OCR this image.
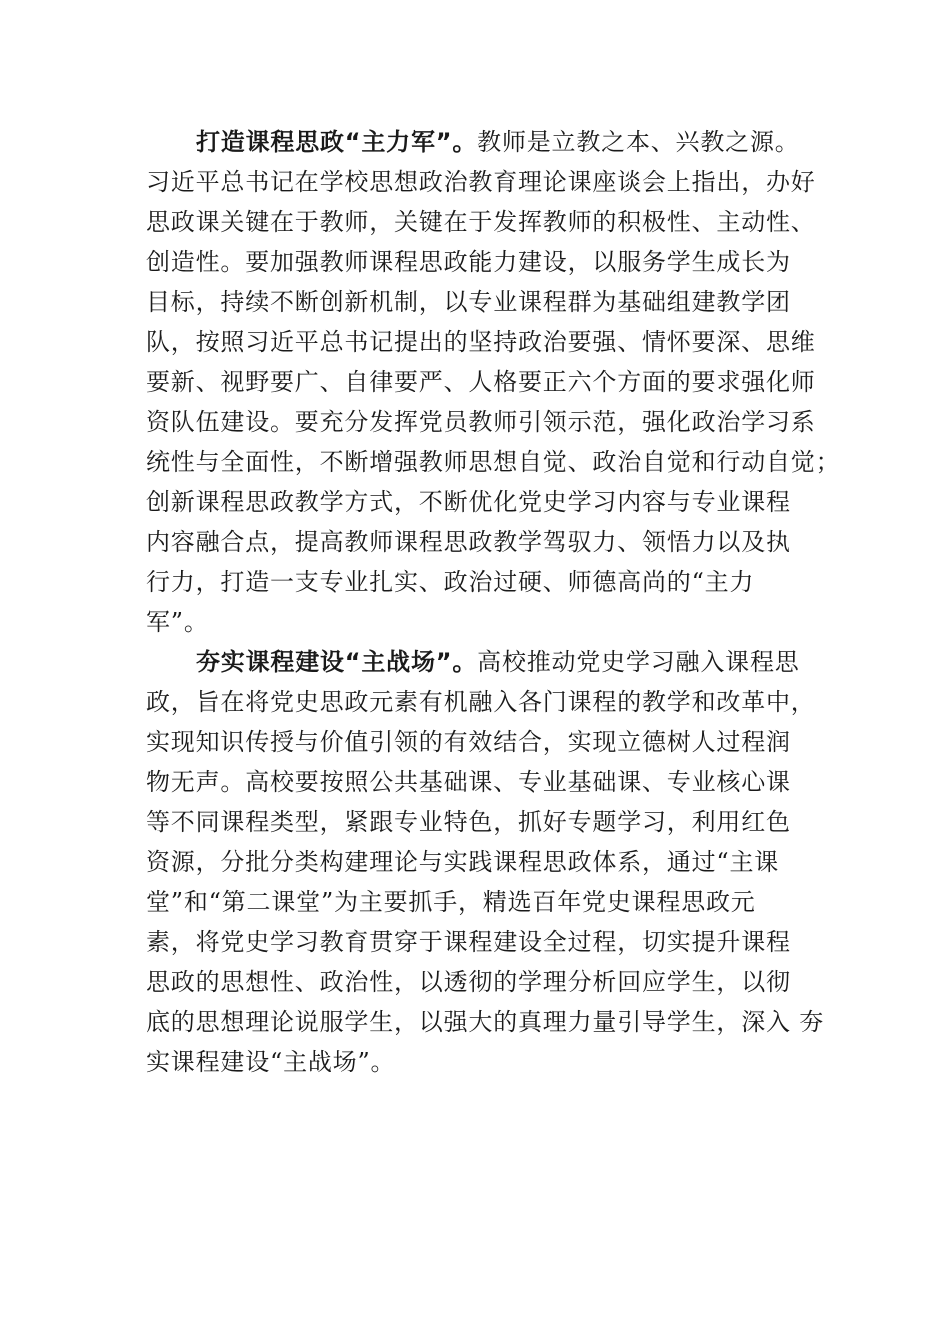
打造课程思政“主力军”。教师是立教之本、兴教之源。
习近平总书记在学校思想政治教育理论课座谈会上指出，办好
思政课关键在于教师，关键在于发挥教师的积极性、主动性、
创造性。要加强教师课程思政能力建设，以服务学生成长为
目标，持续不断创新机制，以专业课程群为基础组建教学团
队，按照习近平总书记提出的坚持政治要强、情怀要深、思维
要新、视野要广、自律要严、人格要正六个方面的要求强化师
资队伍建设。要充分发挥党员教师引领示范，强化政治学习系
统性与全面性，不断增强教师思想自觉、政治自觉和行动自觉；
创新课程思政教学方式，不断优化党史学习内容与专业课程
内容融合点，提高教师课程思政教学驾驭力、领悟力以及执
行力，打造一支专业扎实、政治过硬、师德高尚的“主力
军”。
夯实课程建设“主战场”。高校推动党史学习融入课程思
政，旨在将党史思政元素有机融入各门课程的教学和改革中，
实现知识传授与价值引领的有效结合，实现立德树人过程润
物无声。高校要按照公共基础课、专业基础课、专业核心课
等不同课程类型，紧跟专业特色，抓好专题学习，利用红色
资源，分批分类构建理论与实践课程思政体系，通过“主课
堂”和“第二课堂”为主要抓手，精选百年党史课程思政元
素，将党史学习教育贯穿于课程建设全过程，切实提升课程
思政的思想性、政治性，以透彻的学理分析回应学生，以彻
底的思想理论说服学生，以强大的真理力量引导学生，深入 夯
实课程建设“主战场”。
